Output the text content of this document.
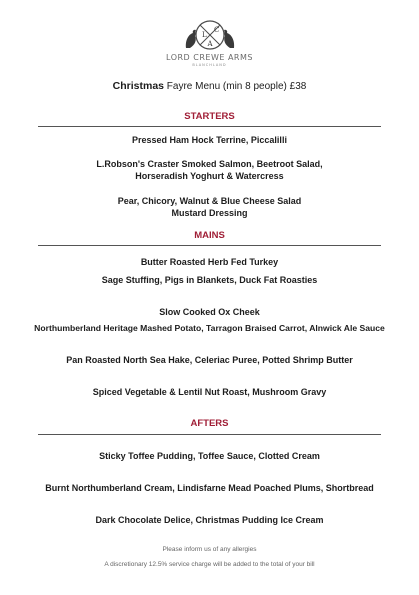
L
C
A
LORD CREWE ARMS
BLANCHLAND
Christmas Fayre Menu (min 8 people) £38
STARTERS
Pressed Ham Hock Terrine, Piccalilli
L.Robson's Craster Smoked Salmon, Beetroot Salad,
Horseradish Yoghurt & Watercress
Pear, Chicory, Walnut & Blue Cheese Salad
Mustard Dressing
MAINS
Butter Roasted Herb Fed Turkey
Sage Stuffing, Pigs in Blankets, Duck Fat Roasties
Slow Cooked Ox Cheek
Northumberland Heritage Mashed Potato, Tarragon Braised Carrot, Alnwick Ale Sauce
Pan Roasted North Sea Hake, Celeriac Puree, Potted Shrimp Butter
Spiced Vegetable & Lentil Nut Roast, Mushroom Gravy
AFTERS
Sticky Toffee Pudding, Toffee Sauce, Clotted Cream
Burnt Northumberland Cream, Lindisfarne Mead Poached Plums, Shortbread
Dark Chocolate Delice, Christmas Pudding Ice Cream
Please inform us of any allergies
A discretionary 12.5% service charge will be added to the total of your bill
